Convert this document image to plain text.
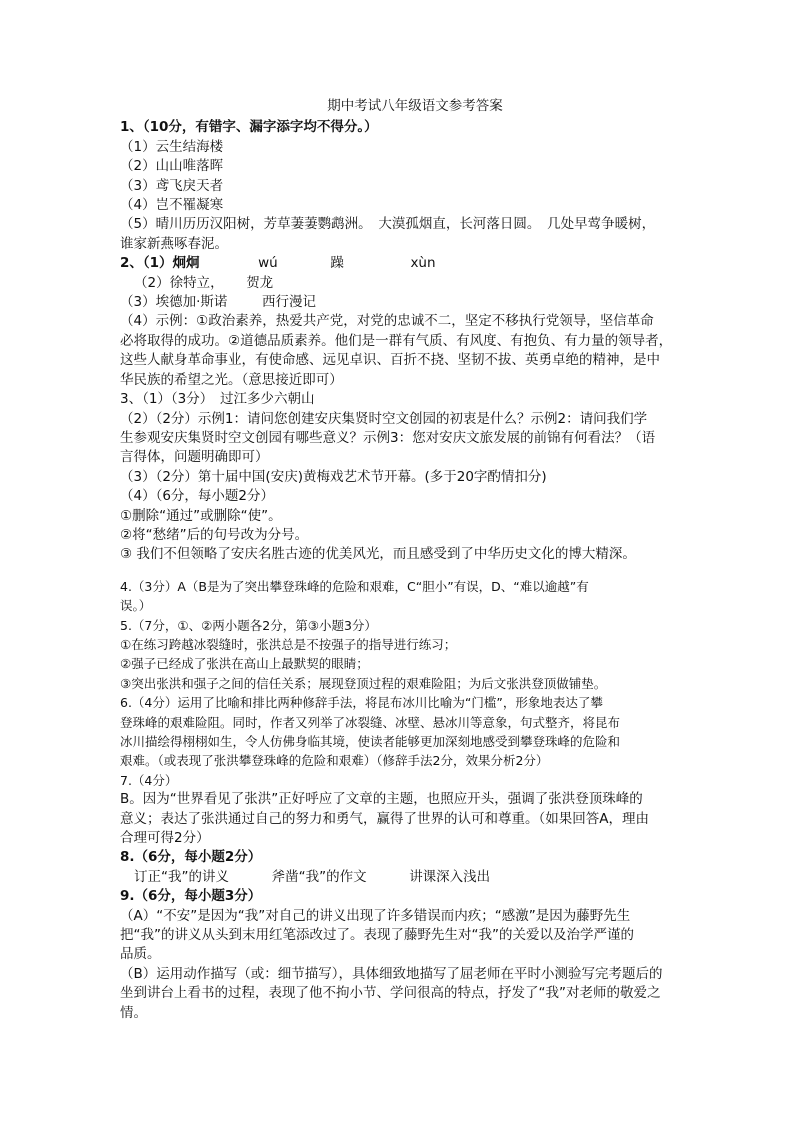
期中考试八年级语文参考答案
1、（10分，有错字、漏字添字均不得分。）
（1）云生结海楼
（2）山山唯落晖
（3）鸢飞戾天者
（4）岂不罹凝寒
（5）晴川历历汉阳树，芳草萋萋鹦鹉洲。　大漠孤烟直，长河落日圆。　几处早莺争暖树，
谁家新燕啄春泥。
2、（1）炯炯	wú	躁	xùn
（2）徐特立， 贺龙
（3）埃德加·斯诺	西行漫记
（4）示例：①政治素养，热爱共产党，对党的忠诚不二，坚定不移执行党领导，坚信革命
必将取得的成功。②道德品质素养。他们是一群有气质、有风度、有抱负、有力量的领导者，
这些人献身革命事业，有使命感、远见卓识、百折不挠、坚韧不拔、英勇卓绝的精神，是中
华民族的希望之光。（意思接近即可）
3、（1）（3分）　过江多少六朝山
（2）（2分）示例1：请问您创建安庆集贤时空文创园的初衷是什么？示例2：请问我们学
生参观安庆集贤时空文创园有哪些意义？示例3：您对安庆文旅发展的前锦有何看法？（语
言得体，问题明确即可）
（3）（2分）第十届中国(安庆)黄梅戏艺术节开幕。(多于20字酌情扣分)
（4）（6分，每小题2分）
①删除“通过”或删除“使”。
②将“愁绪”后的句号改为分号。
③ 我们不但领略了安庆名胜古迹的优美风光，而且感受到了中华历史文化的博大精深。
4.（3分）A（B是为了突出攀登珠峰的危险和艰难，C“胆小”有误，D、“难以逾越”有
误。）
5.（7分，①、②两小题各2分，第③小题3分）
①在练习跨越冰裂缝时，张洪总是不按强子的指导进行练习；
②强子已经成了张洪在高山上最默契的眼睛；
③突出张洪和强子之间的信任关系；展现登顶过程的艰难险阻；为后文张洪登顶做铺垫。
6.（4分）运用了比喻和排比两种修辞手法，将昆布冰川比喻为“门槛”，形象地表达了攀
登珠峰的艰难险阻。同时，作者又列举了冰裂缝、冰壁、悬冰川等意象，句式整齐，将昆布
冰川描绘得栩栩如生，令人仿佛身临其境，使读者能够更加深刻地感受到攀登珠峰的危险和
艰难。（或表现了张洪攀登珠峰的危险和艰难）（修辞手法2分，效果分析2分）
7.（4分）
B。因为“世界看见了张洪”正好呼应了文章的主题，也照应开头，强调了张洪登顶珠峰的
意义；表达了张洪通过自己的努力和勇气，赢得了世界的认可和尊重。（如果回答A，理由
合理可得2分）
8.（6分，每小题2分）
订正“我”的讲义	斧凿“我”的作文	讲课深入浅出
9.（6分，每小题3分）
（A）“不安”是因为“我”对自己的讲义出现了许多错误而内疚；“感激”是因为藤野先生
把“我”的讲义从头到末用红笔添改过了。表现了藤野先生对“我”的关爱以及治学严谨的
品质。
（B）运用动作描写（或：细节描写），具体细致地描写了屈老师在平时小测验写完考题后的
坐到讲台上看书的过程，表现了他不拘小节、学问很高的特点，抒发了“我”对老师的敬爱之
情。
